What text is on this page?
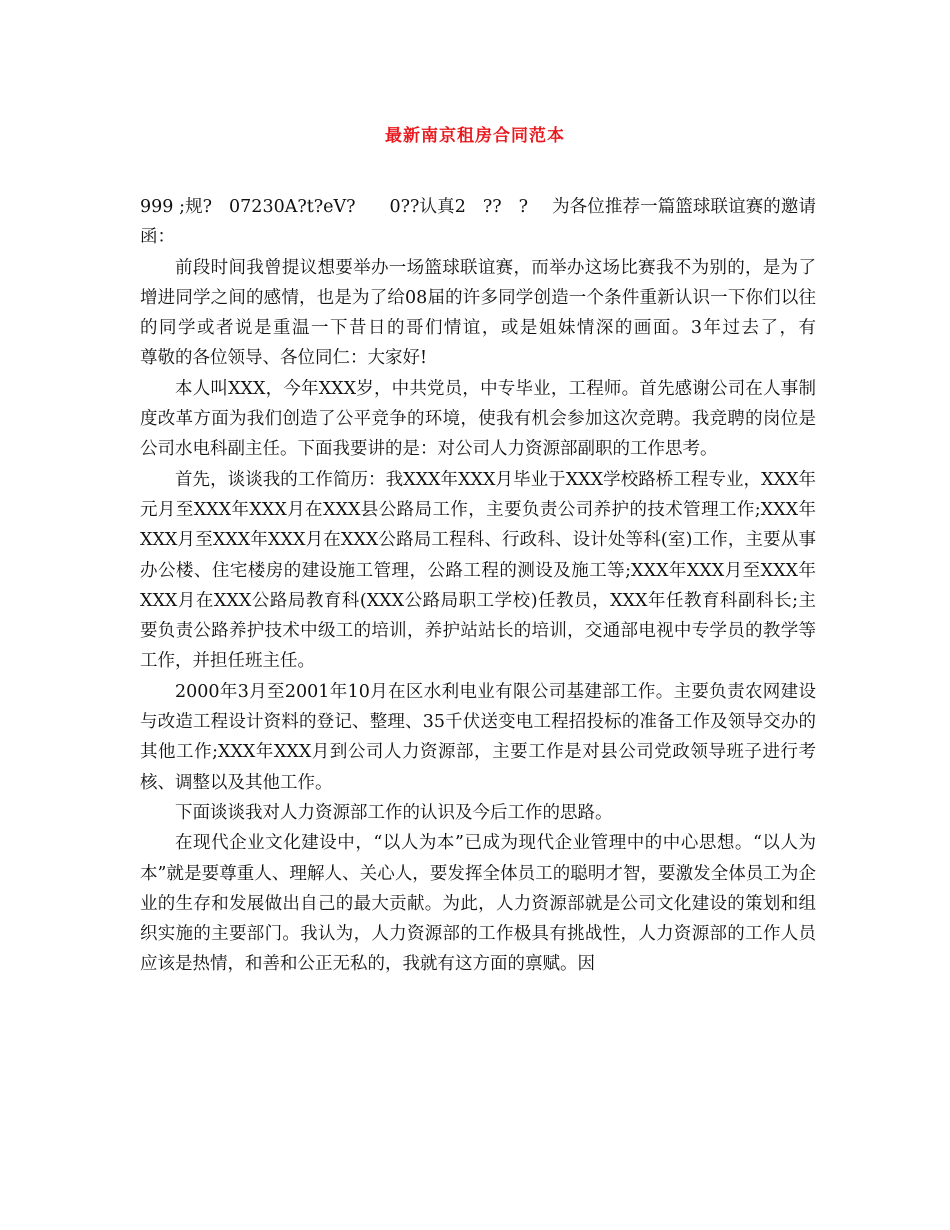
最新南京租房合同范本

999 ;规?   07230A?t?eV?      0??认真2   ??   ? 为各位推荐一篇篮球联谊赛的邀请函：

前段时间我曾提议想要举办一场篮球联谊赛，而举办这场比赛我不为别的，是为了增进同学之间的感情，也是为了给08届的许多同学创造一个条件重新认识一下你们以往的同学或者说是重温一下昔日的哥们情谊，或是姐妹情深的画面。3年过去了，有　　尊敬的各位领导、各位同仁：大家好!

本人叫XXX，今年XXX岁，中共党员，中专毕业，工程师。首先感谢公司在人事制度改革方面为我们创造了公平竞争的环境，使我有机会参加这次竞聘。我竞聘的岗位是公司水电科副主任。下面我要讲的是：对公司人力资源部副职的工作思考。

首先，谈谈我的工作简历：我XXX年XXX月毕业于XXX学校路桥工程专业，XXX年元月至XXX年XXX月在XXX县公路局工作，主要负责公司养护的技术管理工作;XXX年XXX月至XXX年XXX月在XXX公路局工程科、行政科、设计处等科(室)工作，主要从事办公楼、住宅楼房的建设施工管理，公路工程的测设及施工等;XXX年XXX月至XXX年XXX月在XXX公路局教育科(XXX公路局职工学校)任教员，XXX年任教育科副科长;主要负责公路养护技术中级工的培训，养护站站长的培训，交通部电视中专学员的教学等工作，并担任班主任。

2000年3月至2001年10月在区水利电业有限公司基建部工作。主要负责农网建设与改造工程设计资料的登记、整理、35千伏送变电工程招投标的准备工作及领导交办的其他工作;XXX年XXX月到公司人力资源部，主要工作是对县公司党政领导班子进行考核、调整以及其他工作。

下面谈谈我对人力资源部工作的认识及今后工作的思路。

在现代企业文化建设中，“以人为本”已成为现代企业管理中的中心思想。“以人为本”就是要尊重人、理解人、关心人，要发挥全体员工的聪明才智，要激发全体员工为企业的生存和发展做出自己的最大贡献。为此，人力资源部就是公司文化建设的策划和组织实施的主要部门。我认为，人力资源部的工作极具有挑战性，人力资源部的工作人员应该是热情，和善和公正无私的，我就有这方面的禀赋。因
